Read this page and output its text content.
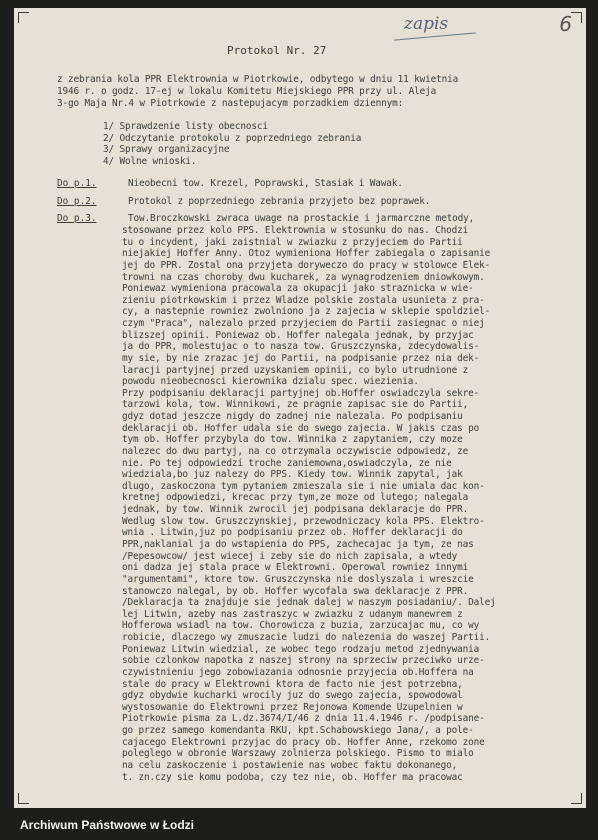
zapis	6
Protokol Nr. 27
z zebrania kola PPR Elektrownia w Piotrkowie, odbytego w dniu 11 kwietnia
1946 r. o godz. 17-ej w lokalu Komitetu Miejskiego PPR przy ul. Aleja
3-go Maja Nr.4 w Piotrkowie z nastepujacym porzadkiem dziennym:
1/ Sprawdzenie listy obecnosci
2/ Odczytanie protokolu z poprzedniego zebrania
3/ Sprawy organizacyjne
4/ Wolne wnioski.
Do p.1.	Nieobecni tow. Krezel, Poprawski, Stasiak i Wawak.
Do p.2.	Protokol z poprzedniego zebrania przyjeto bez poprawek.
Do p.3.	Tow.Broczkowski zwraca uwage na prostackie i jarmarczne metody,
stosowane przez kolo PPS. Elektrownia w stosunku do nas. Chodzi
tu o incydent, jaki zaistnial w zwiazku z przyjeciem do Partii
niejakiej Hoffer Anny. Otoz wymieniona Hoffer zabiegala o zapisanie
jej do PPR. Zostal ona przyjeta doryweczo do pracy w stolowce Elek-
trowni na czas choroby dwu kucharek, za wynagrodzeniem dniowkowym.
Poniewaz wymieniona pracowala za okupacji jako straznicka w wie-
zieniu piotrkowskim i przez Wladze polskie zostala usunieta z pra-
cy, a nastepnie rowniez zwolniono ja z zajecia w sklepie spoldziel-
czym "Praca", nalezalo przed przyjeciem do Partii zasiegnac o niej
blizszej opinii. Poniewaz ob. Hoffer nalegala jednak, by przyjac
ja do PPR, molestujac o to nasza tow. Gruszczynska, zdecydowalis-
my sie, by nie zrazac jej do Partii, na podpisanie przez nia dek-
laracji partyjnej przed uzyskaniem opinii, co bylo utrudnione z
powodu nieobecnosci kierownika dzialu spec. wiezienia.
Przy podpisaniu deklaracji partyjnej ob.Hoffer oswiadczyla sekre-
tarzowi kola, tow. Winnikowi, ze pragnie zapisac sie do Partii,
gdyz dotad jeszcze nigdy do zadnej nie nalezala. Po podpisaniu
deklaracji ob. Hoffer udala sie do swego zajecia. W jakis czas po
tym ob. Hoffer przybyla do tow. Winnika z zapytaniem, czy moze
nalezec do dwu partyj, na co otrzymala oczywiscie odpowiedz, ze
nie. Po tej odpowiedzi troche zaniemowna,oswiadczyla, ze nie
wiedziala,bo juz nalezy do PPS. Kiedy tow. Winnik zapytal, jak
dlugo, zaskoczona tym pytaniem zmieszala sie i nie umiala dac kon-
kretnej odpowiedzi, krecac przy tym,ze moze od lutego; nalegala
jednak, by tow. Winnik zwrocil jej podpisana deklaracje do PPR.
Wedlug slow tow. Gruszczynskiej, przewodniczacy kola PPS. Elektro-
wnia . Litwin,juz po podpisaniu przez ob. Hoffer deklaracji do
PPR,naklanial ja do wstapienia do PPS, zachecajac ja tym, ze nas
/Pepesowcow/ jest wiecej i zeby sie do nich zapisala, a wtedy
oni dadza jej stala prace w Elektrowni. Operowal rowniez innymi
"argumentami", ktore tow. Gruszczynska nie doslyszala i wreszcie
stanowczo nalegal, by ob. Hoffer wycofala swa deklaracje z PPR.
/Deklaracja ta znajduje sie jednak dalej w naszym posiadaniu/. Dalej
lej Litwin, azeby nas zastraszyc w zwiazku z udanym manewrem z
Hofferowa wsiadl na tow. Chorowicza z buzia, zarzucajac mu, co wy
robicie, dlaczego wy zmuszacie ludzi do nalezenia do waszej Partii.
Poniewaz Litwin wiedzial, ze wobec tego rodzaju metod zjednywania
sobie czlonkow napotka z naszej strony na sprzeciw przeciwko urze-
czywistnieniu jego zobowiazania odnosnie przyjecia ob.Hoffera na
stale do pracy w Elektrowni ktora de facto nie jest potrzebna,
gdyz obydwie kucharki wrocily juz do swego zajecia, spowodowal
wystosowanie do Elektrowni przez Rejonowa Komende Uzupelnien w
Piotrkowie pisma za L.dz.3674/I/46 z dnia 11.4.1946 r. /podpisane-
go przez samego komendanta RKU, kpt.Schabowskiego Jana/, a pole-
cajacego Elektrowni przyjac do pracy ob. Hoffer Anne, rzekomo zone
poleglego w obronie Warszawy zolnierza polskiego. Pismo to mialo
na celu zaskoczenie i postawienie nas wobec faktu dokonanego,
t. zn.czy sie komu podoba, czy tez nie, ob. Hoffer ma pracowac
Archiwum Państwowe w Łodzi
